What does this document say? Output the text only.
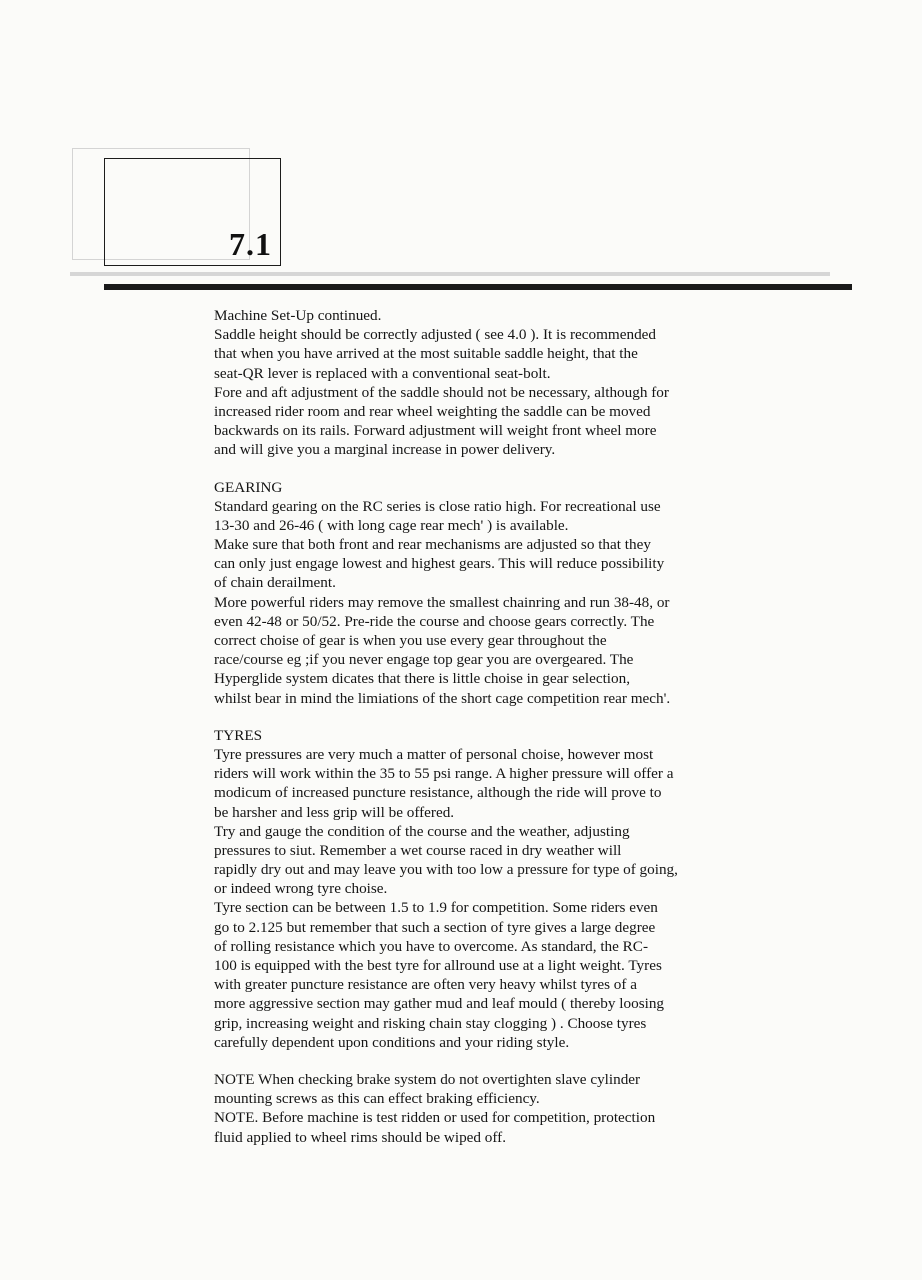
7.1

Machine Set-Up continued.

Saddle height should be correctly adjusted ( see 4.0 ). It is recommended

that when you have arrived at the most suitable saddle height, that the

seat-QR lever is replaced with a conventional seat-bolt.

Fore and aft adjustment of the saddle should not be necessary, although for

increased rider room and rear wheel weighting the saddle can be moved

backwards on its rails. Forward adjustment will weight front wheel more

and will give you a marginal increase in power delivery.

GEARING

Standard gearing on the RC series is close ratio high. For recreational use

13-30 and 26-46 ( with long cage rear mech' ) is available.

Make sure that both front and rear mechanisms are adjusted so that they

can only just engage lowest and highest gears. This will reduce possibility

of chain derailment.

More powerful riders may remove the smallest chainring and run 38-48, or

even 42-48 or 50/52. Pre-ride the course and choose gears correctly. The

correct choise of gear is when you use every gear throughout the

race/course eg ;if you never engage top gear you are overgeared. The

Hyperglide system dicates that there is little choise in gear selection,

whilst bear in mind the limiations of the short cage competition rear mech'.

TYRES

Tyre pressures are very much a matter of personal choise, however most

riders will work within the 35 to 55 psi range. A higher pressure will offer a

modicum of increased puncture resistance, although the ride will prove to

be harsher and less grip will be offered.

Try and gauge the condition of the course and the weather, adjusting

pressures to siut. Remember a wet course raced in dry weather will

rapidly dry out and may leave you with too low a pressure for type of going,

or indeed wrong tyre choise.

Tyre section can be between 1.5 to 1.9 for competition. Some riders even

go to 2.125 but remember that such a section of tyre gives a large degree

of rolling resistance which you have to overcome. As standard, the RC-

100 is equipped with the best tyre for allround use at a light weight. Tyres

with greater puncture resistance are often very heavy whilst tyres of a

more aggressive section may gather mud and leaf mould ( thereby loosing

grip, increasing weight and risking chain stay clogging ) . Choose tyres

carefully dependent upon conditions and your riding style.

NOTE When checking brake system do not overtighten slave cylinder

mounting screws as this can effect braking efficiency.

NOTE. Before machine is test ridden or used for competition, protection

fluid applied to wheel rims should be wiped off.
